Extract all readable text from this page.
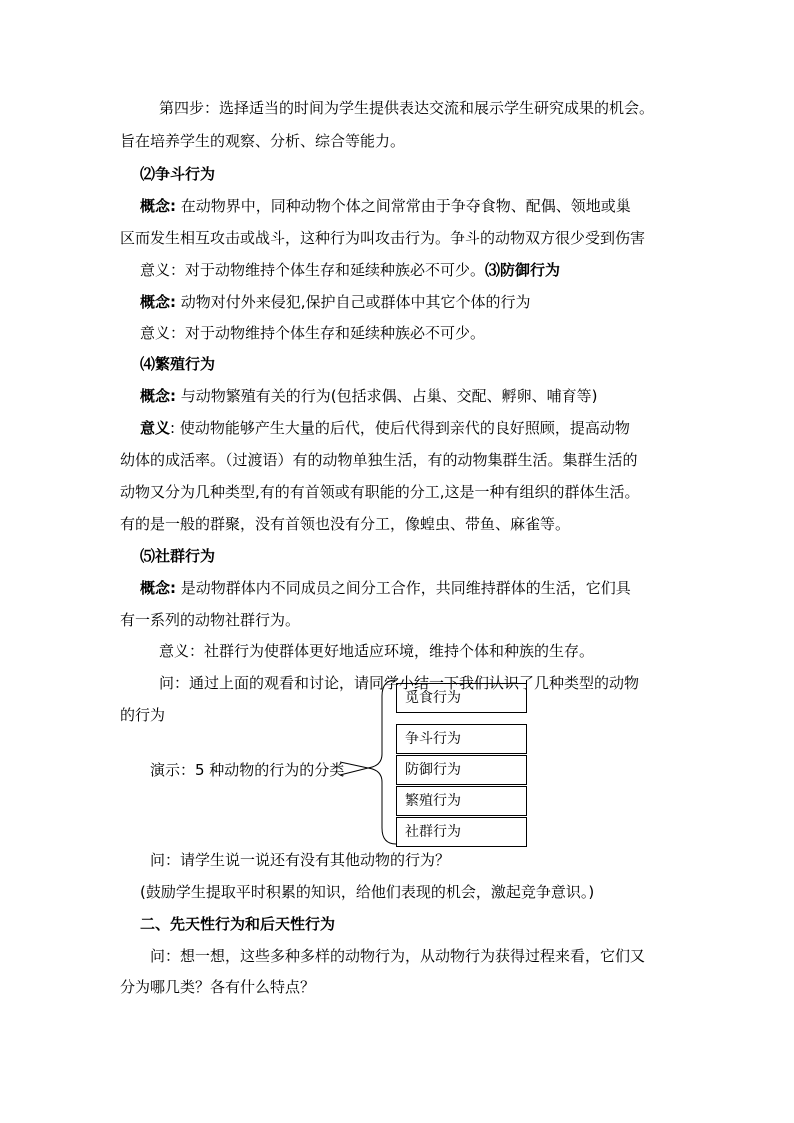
第四步：选择适当的时间为学生提供表达交流和展示学生研究成果的机会。
旨在培养学生的观察、分析、综合等能力。
⑵争斗行为
概念: 在动物界中，同种动物个体之间常常由于争夺食物、配偶、领地或巢
区而发生相互攻击或战斗，这种行为叫攻击行为。争斗的动物双方很少受到伤害
意义：对于动物维持个体生存和延续种族必不可少。⑶防御行为
概念: 动物对付外来侵犯,保护自己或群体中其它个体的行为
意义：对于动物维持个体生存和延续种族必不可少。
⑷繁殖行为
概念: 与动物繁殖有关的行为(包括求偶、占巢、交配、孵卵、哺育等)
意义: 使动物能够产生大量的后代，使后代得到亲代的良好照顾，提高动物
幼体的成活率。（过渡语）有的动物单独生活，有的动物集群生活。集群生活的
动物又分为几种类型,有的有首领或有职能的分工,这是一种有组织的群体生活。
有的是一般的群聚，没有首领也没有分工，像蝗虫、带鱼、麻雀等。
⑸社群行为
概念: 是动物群体内不同成员之间分工合作，共同维持群体的生活，它们具
有一系列的动物社群行为。
意义：社群行为使群体更好地适应环境，维持个体和种族的生存。
问：通过上面的观看和讨论，请同学小结一下我们认识了几种类型的动物
的行为
演示：5 种动物的行为的分类
觅食行为
争斗行为
防御行为
繁殖行为
社群行为
问：请学生说一说还有没有其他动物的行为？
(鼓励学生提取平时积累的知识，给他们表现的机会，激起竞争意识。)
二、先天性行为和后天性行为
问：想一想，这些多种多样的动物行为，从动物行为获得过程来看，它们又
分为哪几类？各有什么特点？
